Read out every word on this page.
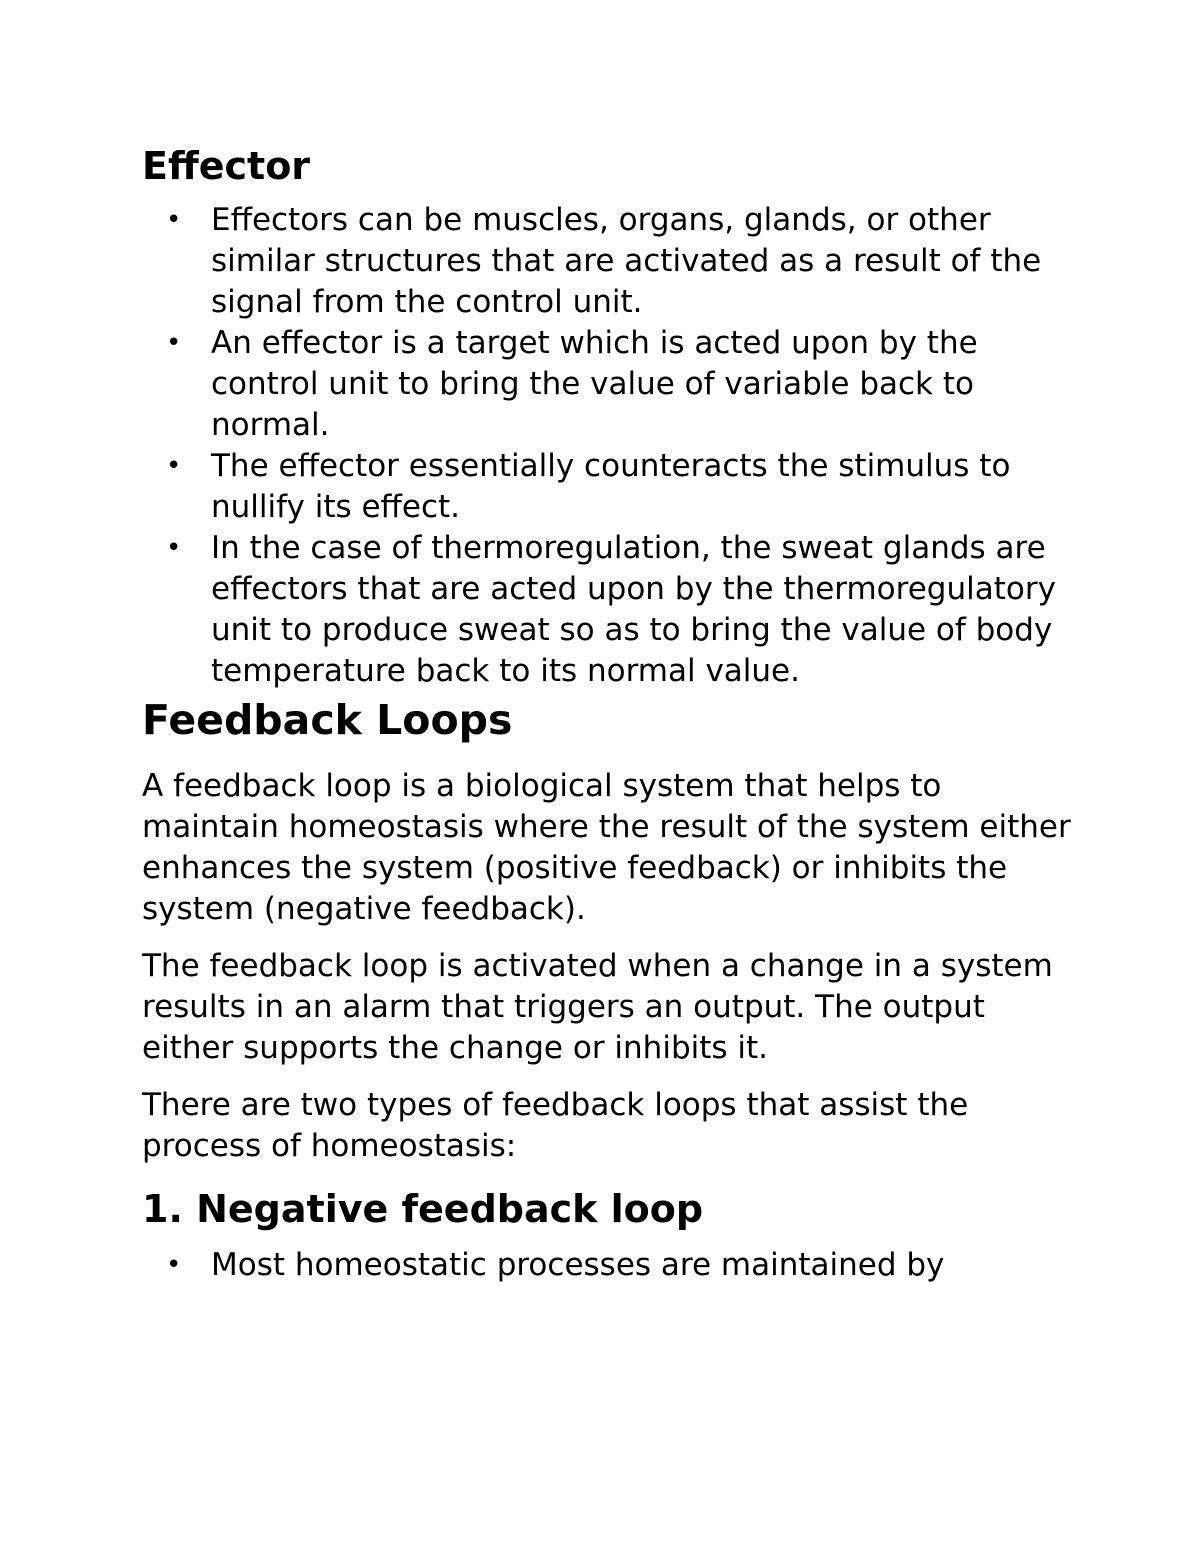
Effector
• Effectors can be muscles, organs, glands, or other similar structures that are activated as a result of the signal from the control unit.
• An effector is a target which is acted upon by the control unit to bring the value of variable back to normal.
• The effector essentially counteracts the stimulus to nullify its effect.
• In the case of thermoregulation, the sweat glands are effectors that are acted upon by the thermoregulatory unit to produce sweat so as to bring the value of body temperature back to its normal value.
Feedback Loops

A feedback loop is a biological system that helps to maintain homeostasis where the result of the system either enhances the system (positive feedback) or inhibits the system (negative feedback).

The feedback loop is activated when a change in a system results in an alarm that triggers an output. The output either supports the change or inhibits it.

There are two types of feedback loops that assist the process of homeostasis:

1. Negative feedback loop
• Most homeostatic processes are maintained by
